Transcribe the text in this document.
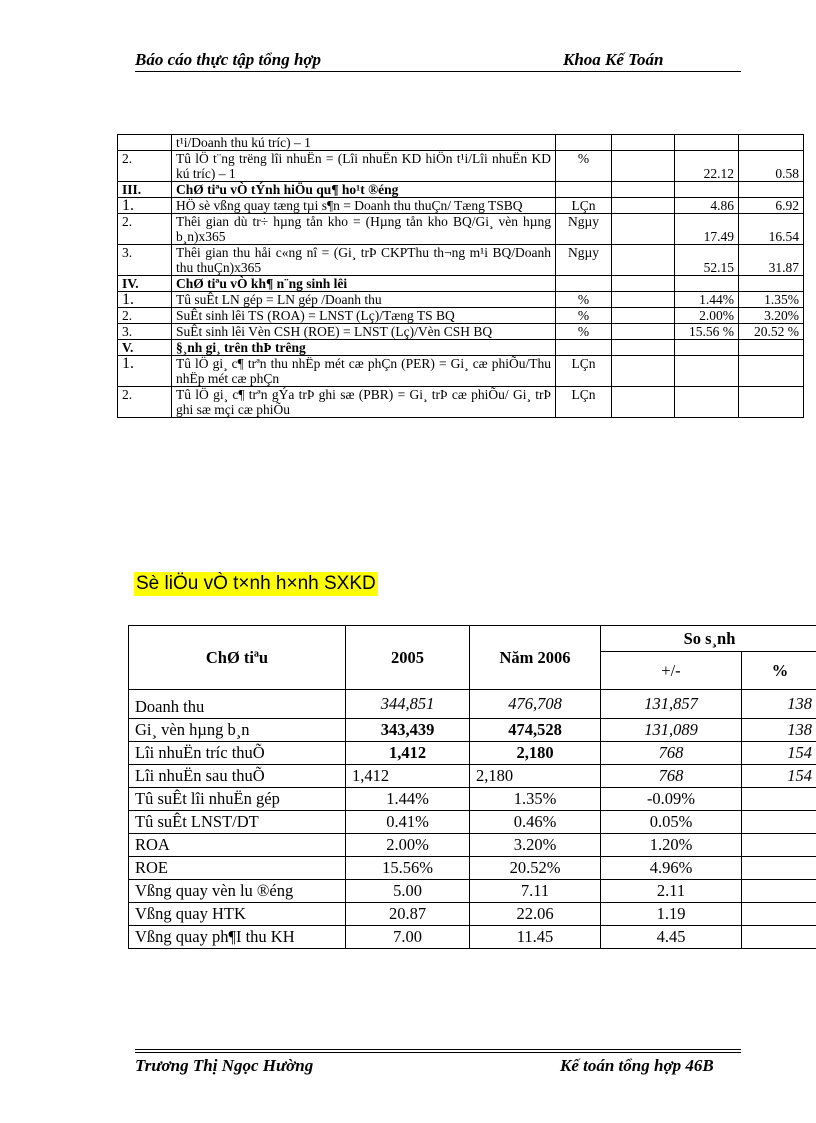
Báo cáo thực tập tổng hợp	Khoa Kế Toán
	t¹i/Doanh thu kú tríc) – 1				
2.	Tû lÖ t¨ng trëng lîi nhuËn = (Lîi nhuËn KD hiÖn t¹i/Lîi nhuËn KD kú tríc) – 1	%		22.12	0.58
III.	ChØ tiªu vÒ tÝnh hiÖu qu¶ ho¹t ®éng				
1.	HÖ sè vßng quay tæng tµi s¶n = Doanh thu thuÇn/ Tæng TSBQ	LÇn		4.86	6.92
2.	Thêi gian dù tr÷ hµng tån kho = (Hµng tån kho BQ/Gi¸ vèn hµng b¸n)x365	Ngµy		17.49	16.54
3.	Thêi gian thu håi c«ng nî = (Gi¸ trÞ CKPThu th¬ng m¹i BQ/Doanh thu thuÇn)x365	Ngµy		52.15	31.87
IV.	ChØ tiªu vÒ kh¶ n¨ng sinh lêi				
1.	Tû suÊt LN gép = LN gép /Doanh thu	%		1.44%	1.35%
2.	SuÊt sinh lêi TS (ROA) = LNST (Lç)/Tæng TS BQ	%		2.00%	3.20%
3.	SuÊt sinh lêi Vèn CSH (ROE) = LNST (Lç)/Vèn CSH BQ	%		15.56 %	20.52 %
V.	§¸nh gi¸ trên thÞ trêng				
1.	Tû lÖ gi¸ c¶ trªn thu nhËp mét cæ phÇn (PER) = Gi¸ cæ phiÕu/Thu nhËp mét cæ phÇn	LÇn			
2.	Tû lÖ gi¸ c¶ trªn gÝa trÞ ghi sæ (PBR) = Gi¸ trÞ cæ phiÕu/ Gi¸ trÞ ghi sæ mçi cæ phiÕu	LÇn			
Sè liÖu vÒ t×nh h×nh SXKD
ChØ tiªu	2005	Năm 2006	So s¸nh	
			+/-	%
Doanh thu	344,851	476,708	131,857	138
Gi¸ vèn hµng b¸n	343,439	474,528	131,089	138
Lîi nhuËn tríc thuÕ	1,412	2,180	768	154
Lîi nhuËn sau thuÕ	1,412	2,180	768	154
Tû suÊt lîi nhuËn gép	1.44%	1.35%	-0.09%	
Tû suÊt LNST/DT	0.41%	0.46%	0.05%	
ROA	2.00%	3.20%	1.20%	
ROE	15.56%	20.52%	4.96%	
Vßng quay vèn lu ®éng	5.00	7.11	2.11	
Vßng quay HTK	20.87	22.06	1.19	
Vßng quay ph¶I thu KH	7.00	11.45	4.45	
Trương Thị Ngọc Hường	Kế toán tổng hợp 46B
